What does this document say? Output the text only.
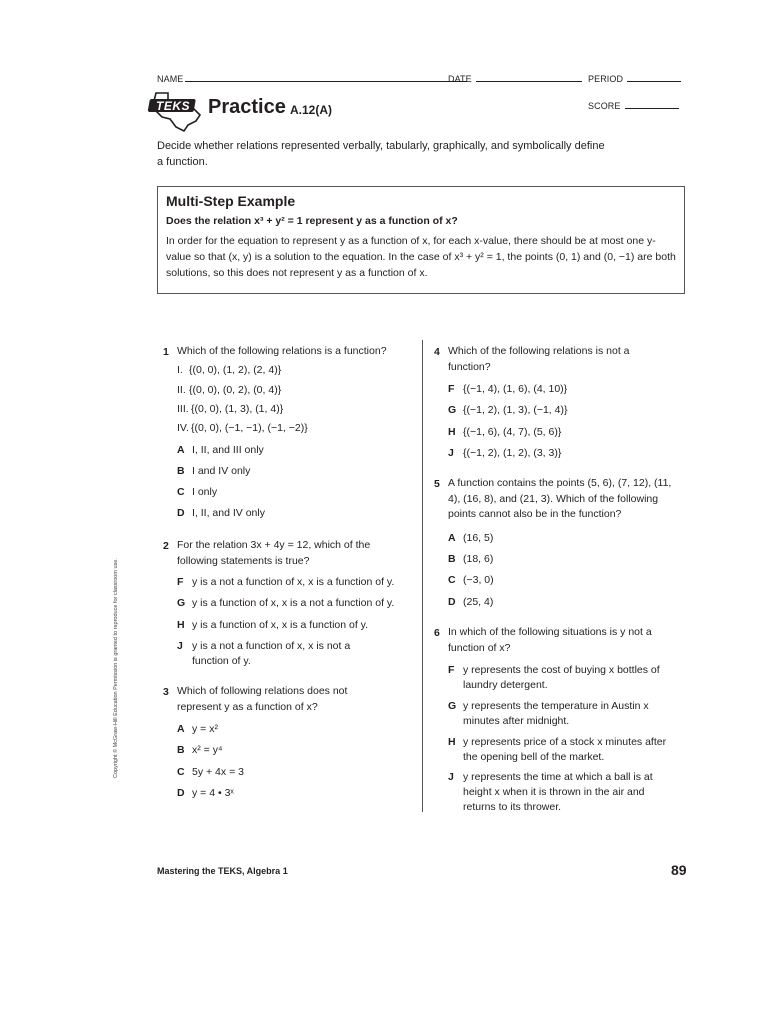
NAME	DATE	PERIOD
SCORE
TEKS Practice A.12(A)
Decide whether relations represented verbally, tabularly, graphically, and symbolically define a function.
Multi-Step Example
Does the relation x³ + y² = 1 represent y as a function of x?
In order for the equation to represent y as a function of x, for each x-value, there should be at most one y-value so that (x, y) is a solution to the equation. In the case of x³ + y² = 1, the points (0, 1) and (0, −1) are both solutions, so this does not represent y as a function of x.
1 Which of the following relations is a function?
I. {(0, 0), (1, 2), (2, 4)}
II. {(0, 0), (0, 2), (0, 4)}
III. {(0, 0), (1, 3), (1, 4)}
IV. {(0, 0), (−1, −1), (−1, −2)}
A I, II, and III only
B I and IV only
C I only
D I, II, and IV only
2 For the relation 3x + 4y = 12, which of the following statements is true?
F y is a not a function of x, x is a function of y.
G y is a function of x, x is a not a function of y.
H y is a function of x, x is a function of y.
J y is a not a function of x, x is not a function of y.
3 Which of following relations does not represent y as a function of x?
A y = x²
B x² = y⁴
C 5y + 4x = 3
D y = 4 • 3ˣ
4 Which of the following relations is not a function?
F {(−1, 4), (1, 6), (4, 10)}
G {(−1, 2), (1, 3), (−1, 4)}
H {(−1, 6), (4, 7), (5, 6)}
J {(−1, 2), (1, 2), (3, 3)}
5 A function contains the points (5, 6), (7, 12), (11, 4), (16, 8), and (21, 3). Which of the following points cannot also be in the function?
A (16, 5)
B (18, 6)
C (−3, 0)
D (25, 4)
6 In which of the following situations is y not a function of x?
F y represents the cost of buying x bottles of laundry detergent.
G y represents the temperature in Austin x minutes after midnight.
H y represents price of a stock x minutes after the opening bell of the market.
J y represents the time at which a ball is at height x when it is thrown in the air and returns to its thrower.
Copyright © McGraw-Hill Education Permission is granted to reproduce for classroom use.
Mastering the TEKS, Algebra 1	89
